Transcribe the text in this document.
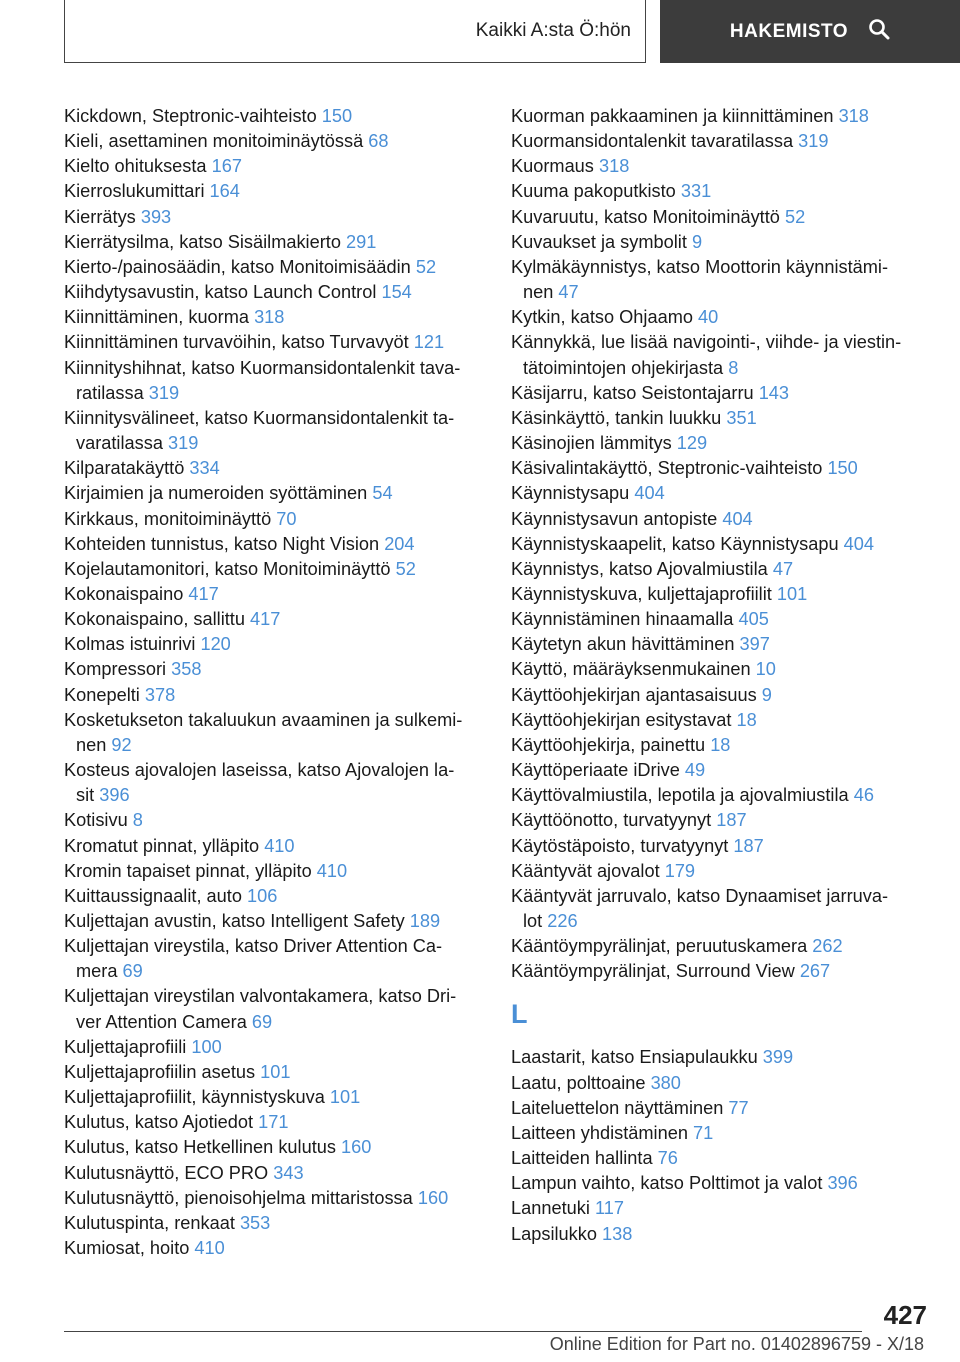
Kaikki A:sta Ö:hön	HAKEMISTO
Kickdown, Steptronic-vaihteisto 150
Kieli, asettaminen monitoiminäytössä 68
Kielto ohituksesta 167
Kierroslukumittari 164
Kierrätys 393
Kierrätysilma, katso Sisäilmakierto 291
Kierto-/painosäädin, katso Monitoimisäädin 52
Kiihdytysavustin, katso Launch Control 154
Kiinnittäminen, kuorma 318
Kiinnittäminen turvavöihin, katso Turvavyöt 121
Kiinnityshihnat, katso Kuormansidontalenkit tava-
ratilassa 319
Kiinnitysvälineet, katso Kuormansidontalenkit ta-
varatilassa 319
Kilparatakäyttö 334
Kirjaimien ja numeroiden syöttäminen 54
Kirkkaus, monitoiminäyttö 70
Kohteiden tunnistus, katso Night Vision 204
Kojelautamonitori, katso Monitoiminäyttö 52
Kokonaispaino 417
Kokonaispaino, sallittu 417
Kolmas istuinrivi 120
Kompressori 358
Konepelti 378
Kosketukseton takaluukun avaaminen ja sulkemi-
nen 92
Kosteus ajovalojen laseissa, katso Ajovalojen la-
sit 396
Kotisivu 8
Kromatut pinnat, ylläpito 410
Kromin tapaiset pinnat, ylläpito 410
Kuittaussignaalit, auto 106
Kuljettajan avustin, katso Intelligent Safety 189
Kuljettajan vireystila, katso Driver Attention Ca-
mera 69
Kuljettajan vireystilan valvontakamera, katso Dri-
ver Attention Camera 69
Kuljettajaprofiili 100
Kuljettajaprofiilin asetus 101
Kuljettajaprofiilit, käynnistyskuva 101
Kulutus, katso Ajotiedot 171
Kulutus, katso Hetkellinen kulutus 160
Kulutusnäyttö, ECO PRO 343
Kulutusnäyttö, pienoisohjelma mittaristossa 160
Kulutuspinta, renkaat 353
Kumiosat, hoito 410
Kuorman pakkaaminen ja kiinnittäminen 318
Kuormansidontalenkit tavaratilassa 319
Kuormaus 318
Kuuma pakoputkisto 331
Kuvaruutu, katso Monitoiminäyttö 52
Kuvaukset ja symbolit 9
Kylmäkäynnistys, katso Moottorin käynnistämi-
nen 47
Kytkin, katso Ohjaamo 40
Kännykkä, lue lisää navigointi-, viihde- ja viestin-
tätoimintojen ohjekirjasta 8
Käsijarru, katso Seistontajarru 143
Käsinkäyttö, tankin luukku 351
Käsinojien lämmitys 129
Käsivalintakäyttö, Steptronic-vaihteisto 150
Käynnistysapu 404
Käynnistysavun antopiste 404
Käynnistyskaapelit, katso Käynnistysapu 404
Käynnistys, katso Ajovalmiustila 47
Käynnistyskuva, kuljettajaprofiilit 101
Käynnistäminen hinaamalla 405
Käytetyn akun hävittäminen 397
Käyttö, määräyksenmukainen 10
Käyttöohjekirjan ajantasaisuus 9
Käyttöohjekirjan esitystavat 18
Käyttöohjekirja, painettu 18
Käyttöperiaate iDrive 49
Käyttövalmiustila, lepotila ja ajovalmiustila 46
Käyttöönotto, turvatyynyt 187
Käytöstäpoisto, turvatyynyt 187
Kääntyvät ajovalot 179
Kääntyvät jarruvalo, katso Dynaamiset jarruva-
lot 226
Kääntöympyrälinjat, peruutuskamera 262
Kääntöympyrälinjat, Surround View 267
L
Laastarit, katso Ensiapulaukku 399
Laatu, polttoaine 380
Laiteluettelon näyttäminen 77
Laitteen yhdistäminen 71
Laitteiden hallinta 76
Lampun vaihto, katso Polttimot ja valot 396
Lannetuki 117
Lapsilukko 138
427
Online Edition for Part no. 01402896759 - X/18
